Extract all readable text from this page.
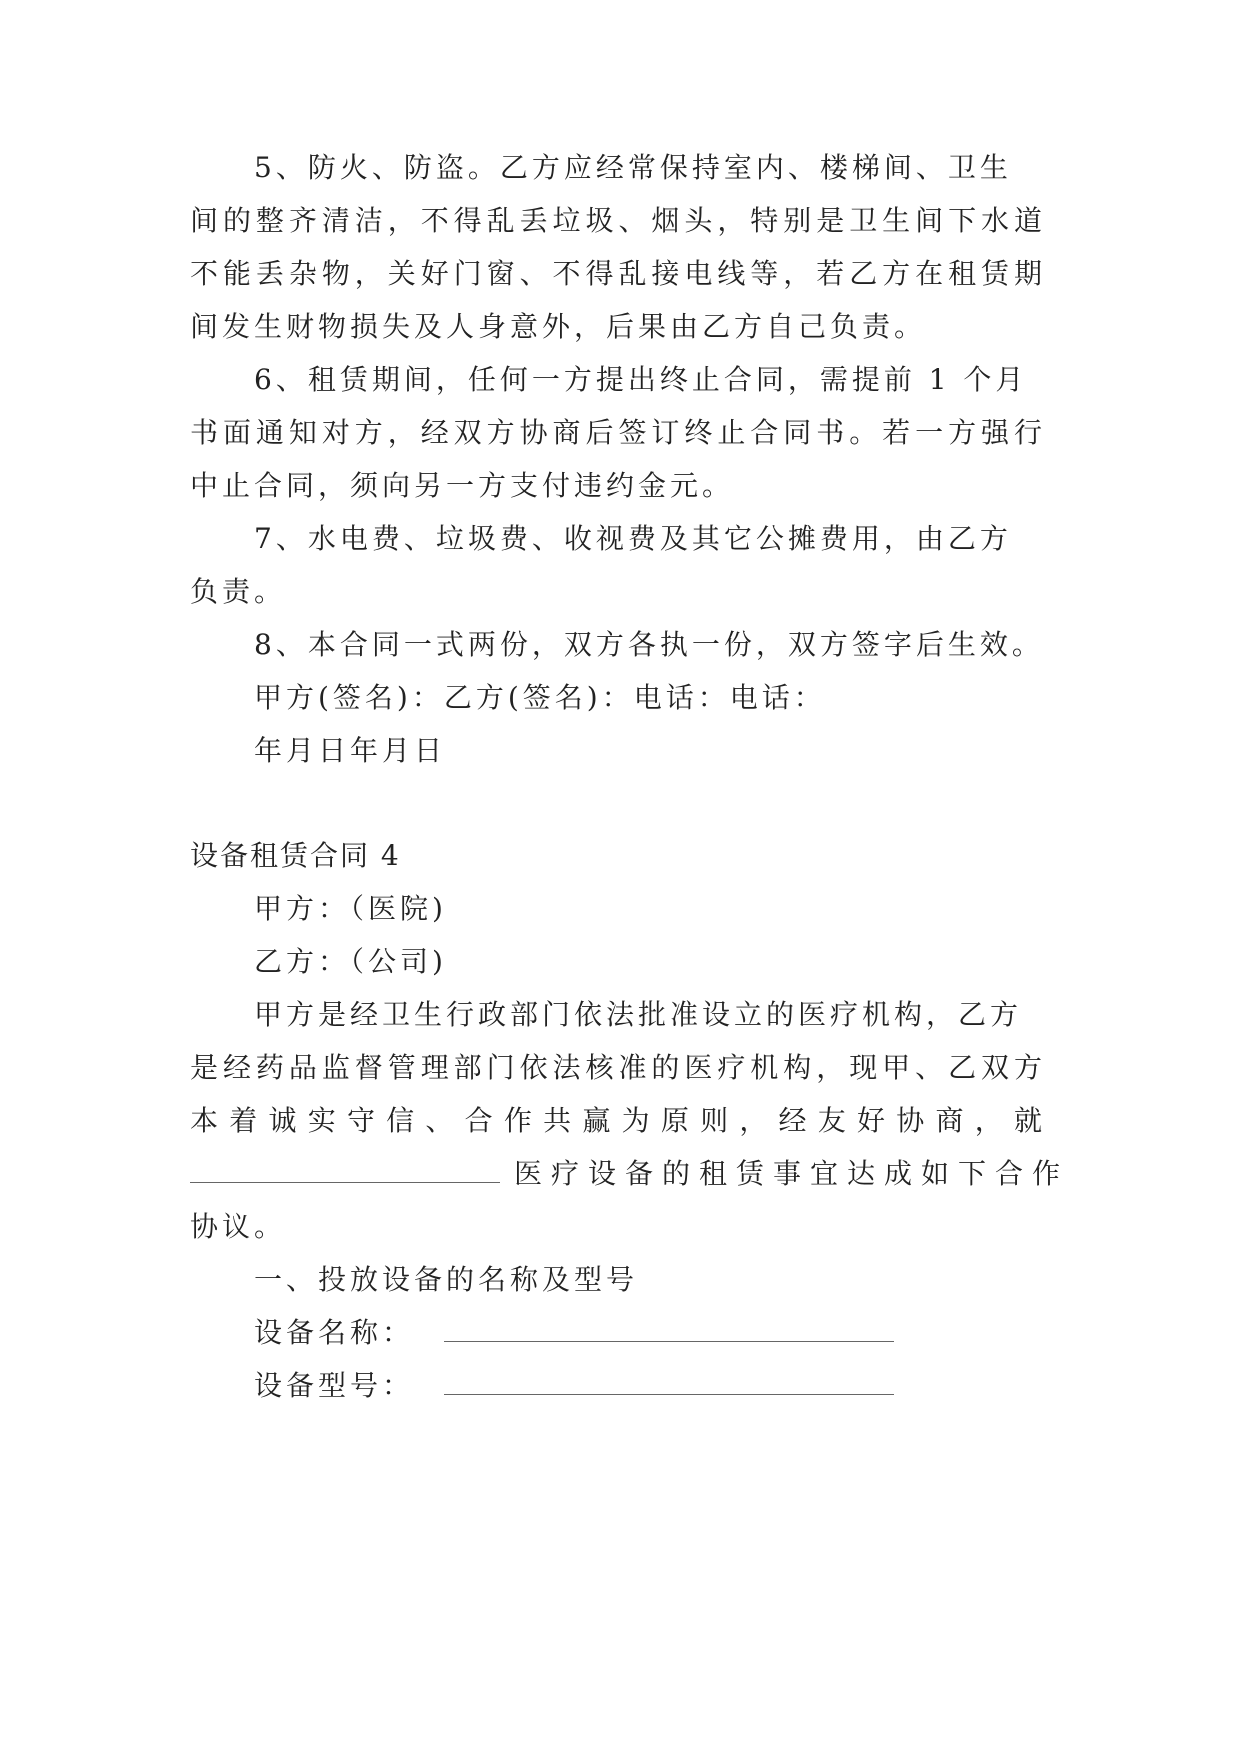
5、防火、防盗。乙方应经常保持室内、楼梯间、卫生
间的整齐清洁，不得乱丢垃圾、烟头，特别是卫生间下水道
不能丢杂物，关好门窗、不得乱接电线等，若乙方在租赁期
间发生财物损失及人身意外，后果由乙方自己负责。
6、租赁期间，任何一方提出终止合同，需提前 1 个月
书面通知对方，经双方协商后签订终止合同书。若一方强行
中止合同，须向另一方支付违约金元。
7、水电费、垃圾费、收视费及其它公摊费用，由乙方
负责。
8、本合同一式两份，双方各执一份，双方签字后生效。
甲方(签名)：乙方(签名)：电话：电话：
年月日年月日
设备租赁合同 4
甲方：（医院)
乙方：（公司)
甲方是经卫生行政部门依法批准设立的医疗机构，乙方
是经药品监督管理部门依法核准的医疗机构，现甲、乙双方
本着诚实守信、合作共赢为原则，经友好协商，就
医疗设备的租赁事宜达成如下合作
协议。
一、投放设备的名称及型号
设备名称：
设备型号：
